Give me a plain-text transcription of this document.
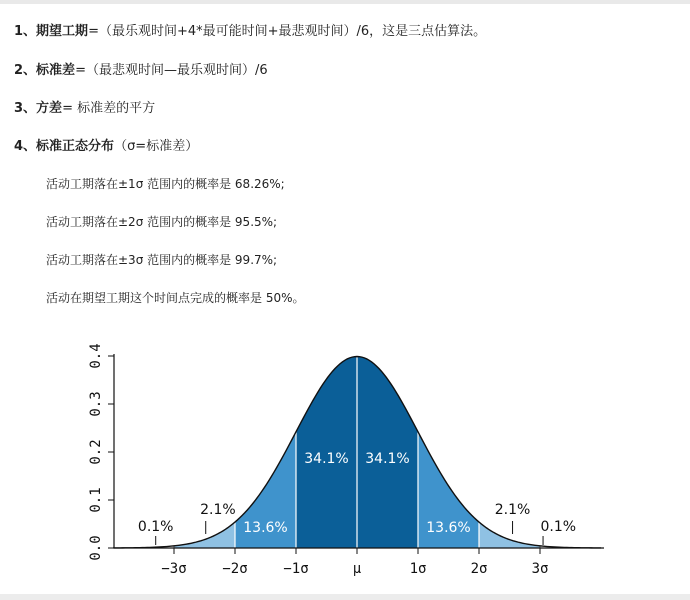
1、期望工期=（最乐观时间+4*最可能时间+最悲观时间）/6，这是三点估算法。
2、标准差=（最悲观时间—最乐观时间）/6
3、方差= 标准差的平方
4、标准正态分布（σ=标准差）
活动工期落在±1σ 范围内的概率是 68.26%;
活动工期落在±2σ 范围内的概率是 95.5%;
活动工期落在±3σ 范围内的概率是 99.7%;
活动在期望工期这个时间点完成的概率是 50%。
0.0
0.1
0.2
0.3
0.4
−3σ	−2σ	−1σ	μ	1σ	2σ	3σ
2.1%
13.6%
34.1% 34.1%
13.6%
2.1%
0.1%	0.1%
